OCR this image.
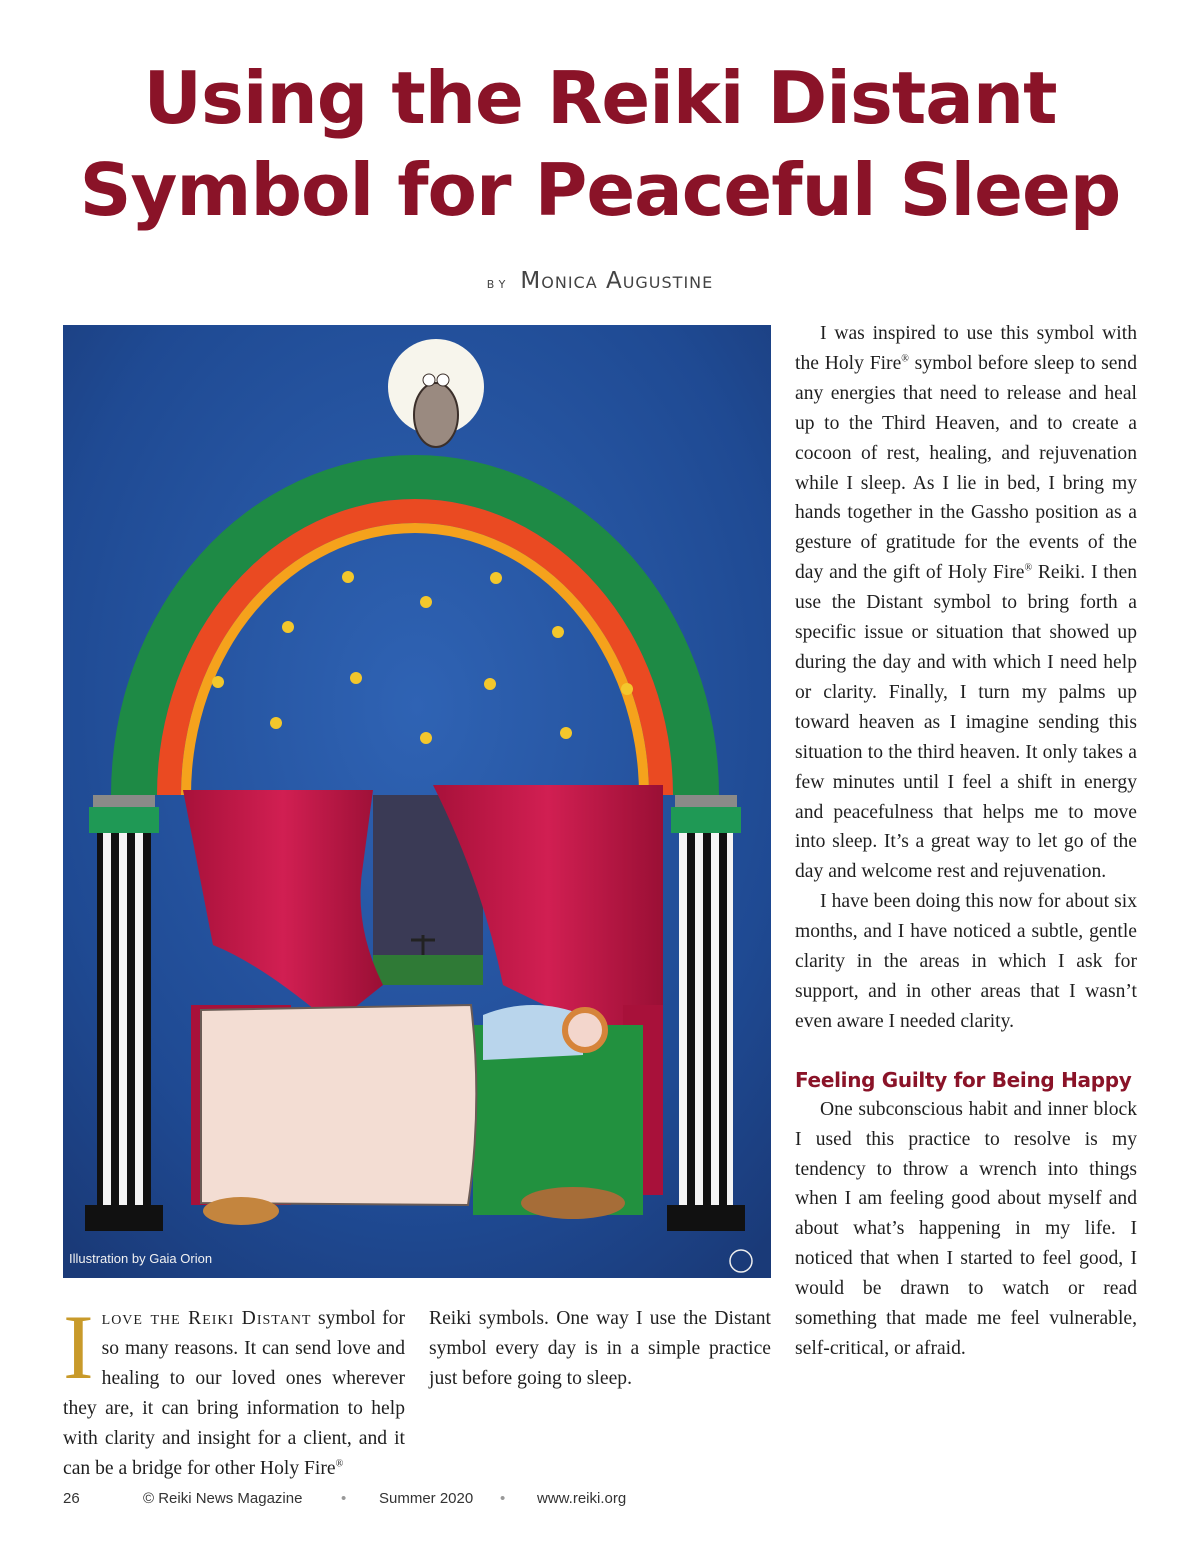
Using the Reiki Distant
Symbol for Peaceful Sleep
by Monica Augustine
Illustration by Gaia Orion

Ilove the Reiki Distant symbol for so many reasons. It can send love and healing to our loved ones wherever they are, it can bring information to help with clarity and insight for a client, and it can be a bridge for other Holy Fire®

Reiki symbols. One way I use the Distant symbol every day is in a simple practice just before going to sleep.

I was inspired to use this symbol with the Holy Fire® symbol before sleep to send any energies that need to release and heal up to the Third Heaven, and to create a cocoon of rest, healing, and rejuvenation while I sleep. As I lie in bed, I bring my hands together in the Gassho position as a gesture of gratitude for the events of the day and the gift of Holy Fire® Reiki. I then use the Distant symbol to bring forth a specific issue or situation that showed up during the day and with which I need help or clarity. Finally, I turn my palms up toward heaven as I imagine sending this situation to the third heaven. It only takes a few minutes until I feel a shift in energy and peacefulness that helps me to move into sleep. It’s a great way to let go of the day and welcome rest and rejuvenation.

I have been doing this now for about six months, and I have noticed a subtle, gentle clarity in the areas in which I ask for support, and in other areas that I wasn’t even aware I needed clarity.

Feeling Guilty for Being Happy

One subconscious habit and inner block I used this practice to resolve is my tendency to throw a wrench into things when I am feeling good about myself and about what’s happening in my life. I noticed that when I started to feel good, I would be drawn to watch or read something that made me feel vulnerable, self-critical, or afraid.

26	© Reiki News Magazine	• Summer 2020 • www.reiki.org
